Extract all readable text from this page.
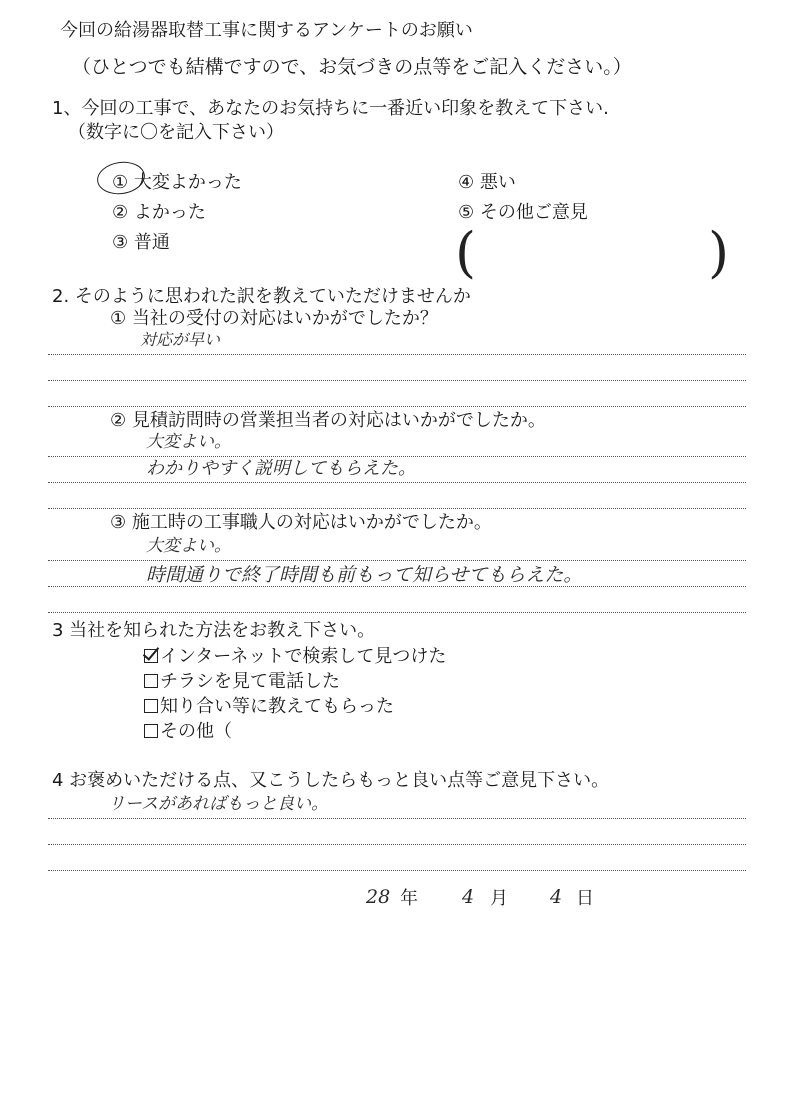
今回の給湯器取替工事に関するアンケートのお願い
（ひとつでも結構ですので、お気づきの点等をご記入ください。）
1、今回の工事で、あなたのお気持ちに一番近い印象を教えて下さい.
（数字に〇を記入下さい）
① 大変よかった
② よかった
③ 普通
④ 悪い
⑤ その他ご意見
(	)
2. そのように思われた訳を教えていただけませんか
① 当社の受付の対応はいかがでしたか？
対応が早い
② 見積訪問時の営業担当者の対応はいかがでしたか。
大変よい。
わかりやすく説明してもらえた。
③ 施工時の工事職人の対応はいかがでしたか。
大変よい。
時間通りで終了時間も前もって知らせてもらえた。
3 当社を知られた方法をお教え下さい。
インターネットで検索して見つけた
チラシを見て電話した
知り合い等に教えてもらった
その他（
4 お褒めいただける点、又こうしたらもっと良い点等ご意見下さい。
リースがあればもっと良い。
28 年 4 月 4 日
